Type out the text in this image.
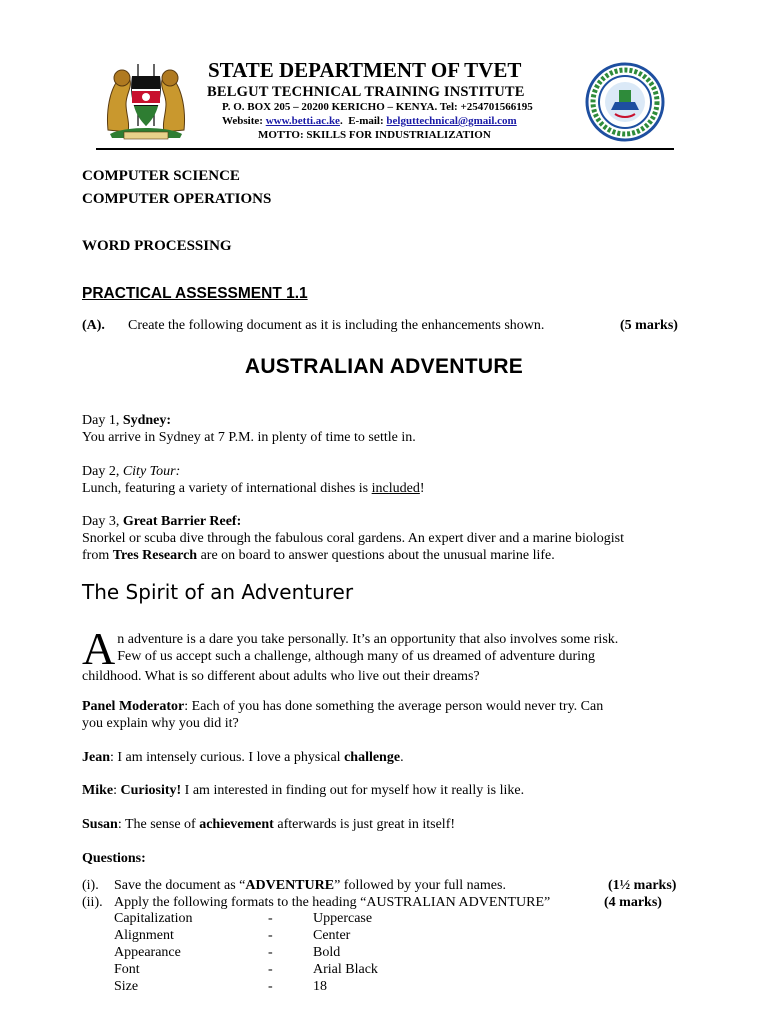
STATE DEPARTMENT OF TVET
BELGUT TECHNICAL TRAINING INSTITUTE
P. O. BOX 205 – 20200 KERICHO – KENYA. Tel: +254701566195
Website: www.betti.ac.ke.  E-mail: belguttechnical@gmail.com
MOTTO: SKILLS FOR INDUSTRIALIZATION
COMPUTER SCIENCE
COMPUTER OPERATIONS
WORD PROCESSING
PRACTICAL ASSESSMENT 1.1
(A). Create the following document as it is including the enhancements shown.	(5 marks)
AUSTRALIAN ADVENTURE
Day 1, Sydney:
You arrive in Sydney at 7 P.M. in plenty of time to settle in.
Day 2, City Tour:
Lunch, featuring a variety of international dishes is included!
Day 3, Great Barrier Reef:
Snorkel or scuba dive through the fabulous coral gardens. An expert diver and a marine biologist
from Tres Research are on board to answer questions about the unusual marine life.
The Spirit of an Adventurer
A n adventure is a dare you take personally. It’s an opportunity that also involves some risk.
Few of us accept such a challenge, although many of us dreamed of adventure during
childhood. What is so different about adults who live out their dreams?
Panel Moderator: Each of you has done something the average person would never try. Can
you explain why you did it?
Jean: I am intensely curious. I love a physical challenge.
Mike: Curiosity! I am interested in finding out for myself how it really is like.
Susan: The sense of achievement afterwards is just great in itself!
Questions:
(i). Save the document as “ADVENTURE” followed by your full names.	(1½ marks)
(ii). Apply the following formats to the heading “AUSTRALIAN ADVENTURE”	(4 marks)
Capitalization	-	Uppercase
Alignment	-	Center
Appearance	-	Bold
Font	-	Arial Black
Size	-	18
